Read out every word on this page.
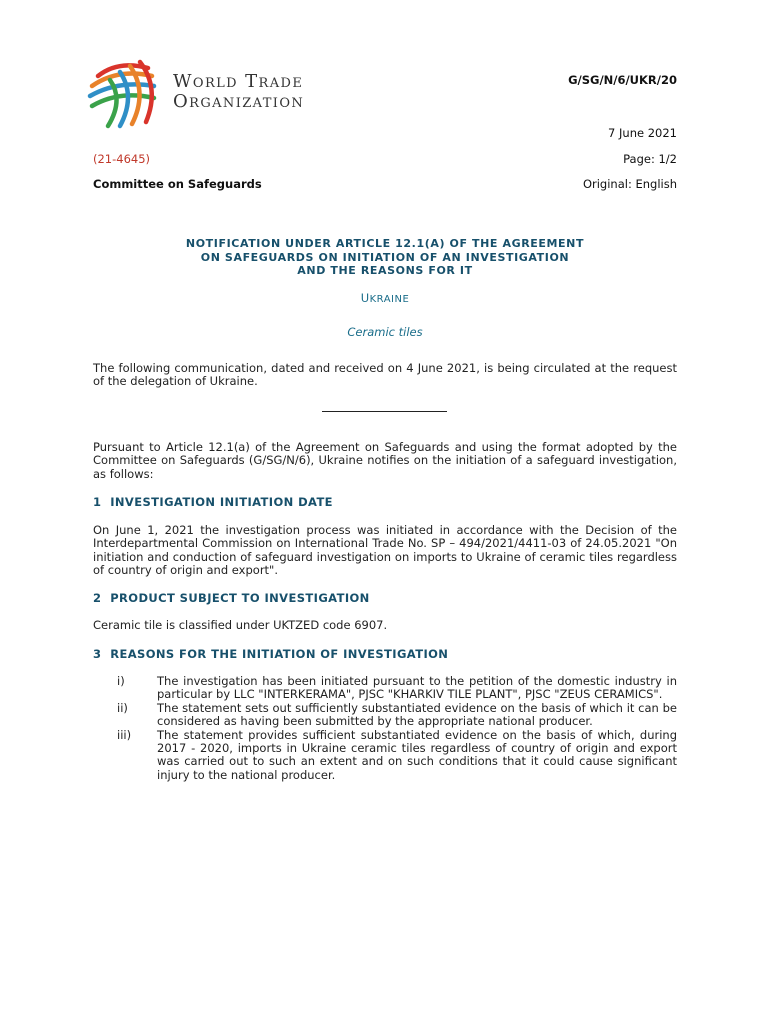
World Trade
Organization
G/SG/N/6/UKR/20
7 June 2021
(21-4645)	Page: 1/2
Committee on Safeguards	Original: English
NOTIFICATION UNDER ARTICLE 12.1(A) OF THE AGREEMENT
ON SAFEGUARDS ON INITIATION OF AN INVESTIGATION
AND THE REASONS FOR IT
UKRAINE
Ceramic tiles
The following communication, dated and received on 4 June 2021, is being circulated at the request of the delegation of Ukraine.
Pursuant to Article 12.1(a) of the Agreement on Safeguards and using the format adopted by the Committee on Safeguards (G/SG/N/6), Ukraine notifies on the initiation of a safeguard investigation, as follows:
1  INVESTIGATION INITIATION DATE
On June 1, 2021 the investigation process was initiated in accordance with the Decision of the Interdepartmental Commission on International Trade No. SP – 494/2021/4411-03 of 24.05.2021 "On initiation and conduction of safeguard investigation on imports to Ukraine of ceramic tiles regardless of country of origin and export".
2  PRODUCT SUBJECT TO INVESTIGATION
Ceramic tile is classified under UKTZED code 6907.
3  REASONS FOR THE INITIATION OF INVESTIGATION
i)	The investigation has been initiated pursuant to the petition of the domestic industry in particular by LLC "INTERKERAMA", PJSC "KHARKIV TILE PLANT", PJSC "ZEUS CERAMICS".
ii)	The statement sets out sufficiently substantiated evidence on the basis of which it can be considered as having been submitted by the appropriate national producer.
iii)	The statement provides sufficient substantiated evidence on the basis of which, during 2017 - 2020, imports in Ukraine ceramic tiles regardless of country of origin and export was carried out to such an extent and on such conditions that it could cause significant injury to the national producer.
